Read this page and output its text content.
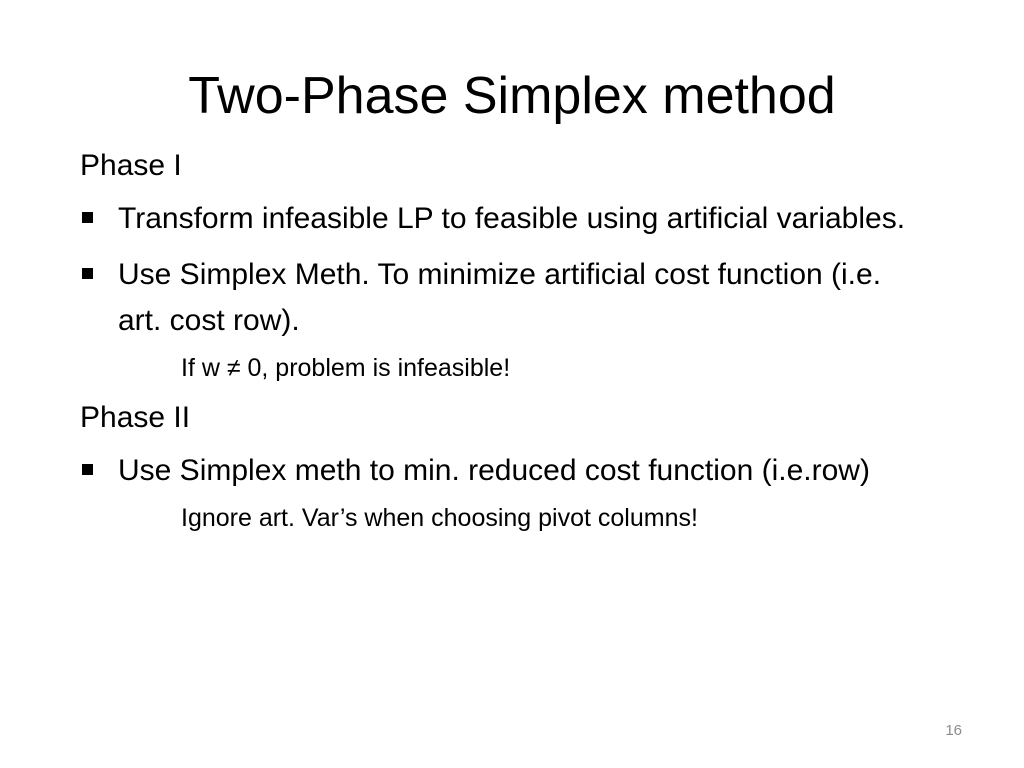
Two-Phase Simplex method
Phase I
Transform infeasible LP to feasible using artificial variables.
Use Simplex Meth. To minimize artificial cost function (i.e. art. cost row).
If w ≠ 0, problem is infeasible!
Phase II
Use Simplex meth to min. reduced cost function (i.e.row)
Ignore art. Var’s when choosing pivot columns!
16
